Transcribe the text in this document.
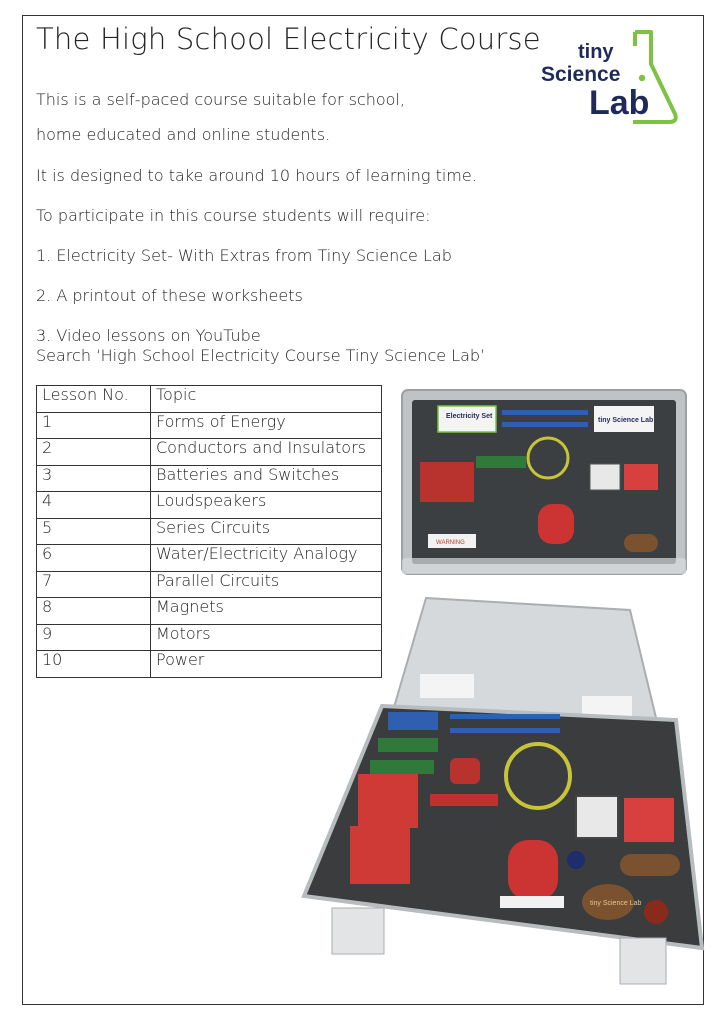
The High School Electricity Course
This is a self-paced course suitable for school,
home educated and online students.
It is designed to take around 10 hours of learning time.
To participate in this course students will require:
1. Electricity Set- With Extras from Tiny Science Lab
2. A printout of these worksheets
3. Video lessons on YouTube
Search ‘High School Electricity Course Tiny Science Lab’
tiny
Science
Lab
Lesson No.	Topic
1	Forms of Energy
2	Conductors and Insulators
3	Batteries and Switches
4	Loudspeakers
5	Series Circuits
6	Water/Electricity Analogy
7	Parallel Circuits
8	Magnets
9	Motors
10	Power
Electricity Set
tiny Science Lab
WARNING
tiny Science Lab
